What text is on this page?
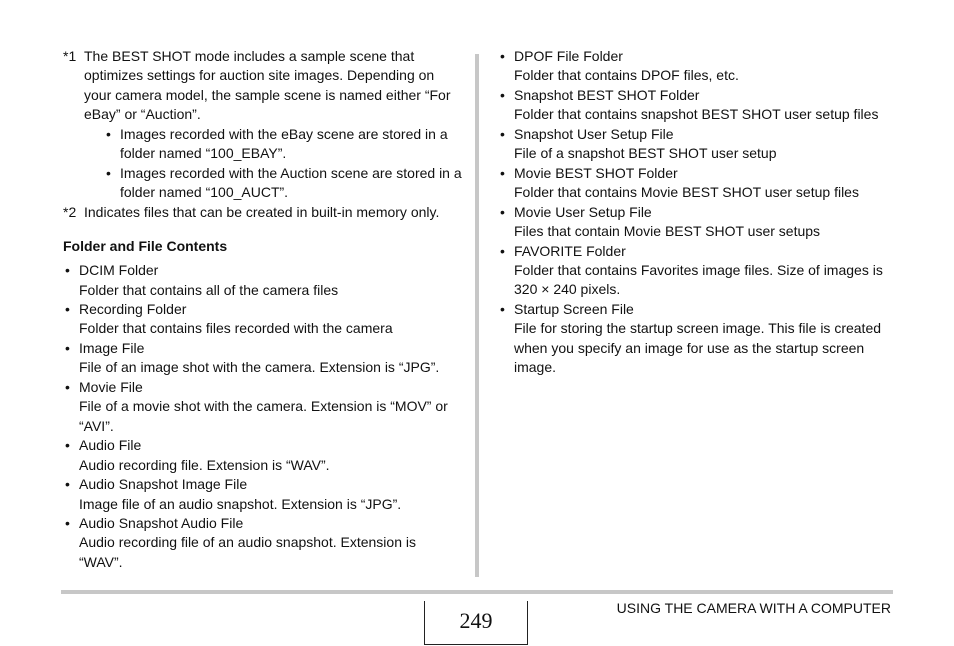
*1 The BEST SHOT mode includes a sample scene that optimizes settings for auction site images. Depending on your camera model, the sample scene is named either “For eBay” or “Auction”.
• Images recorded with the eBay scene are stored in a folder named “100_EBAY”.
• Images recorded with the Auction scene are stored in a folder named “100_AUCT”.
*2 Indicates files that can be created in built-in memory only.
Folder and File Contents
• DCIM Folder
Folder that contains all of the camera files
• Recording Folder
Folder that contains files recorded with the camera
• Image File
File of an image shot with the camera. Extension is “JPG”.
• Movie File
File of a movie shot with the camera. Extension is “MOV” or “AVI”.
• Audio File
Audio recording file. Extension is “WAV”.
• Audio Snapshot Image File
Image file of an audio snapshot. Extension is “JPG”.
• Audio Snapshot Audio File
Audio recording file of an audio snapshot. Extension is “WAV”.
• DPOF File Folder
Folder that contains DPOF files, etc.
• Snapshot BEST SHOT Folder
Folder that contains snapshot BEST SHOT user setup files
• Snapshot User Setup File
File of a snapshot BEST SHOT user setup
• Movie BEST SHOT Folder
Folder that contains Movie BEST SHOT user setup files
• Movie User Setup File
Files that contain Movie BEST SHOT user setups
• FAVORITE Folder
Folder that contains Favorites image files. Size of images is 320 × 240 pixels.
• Startup Screen File
File for storing the startup screen image. This file is created when you specify an image for use as the startup screen image.
249	USING THE CAMERA WITH A COMPUTER
